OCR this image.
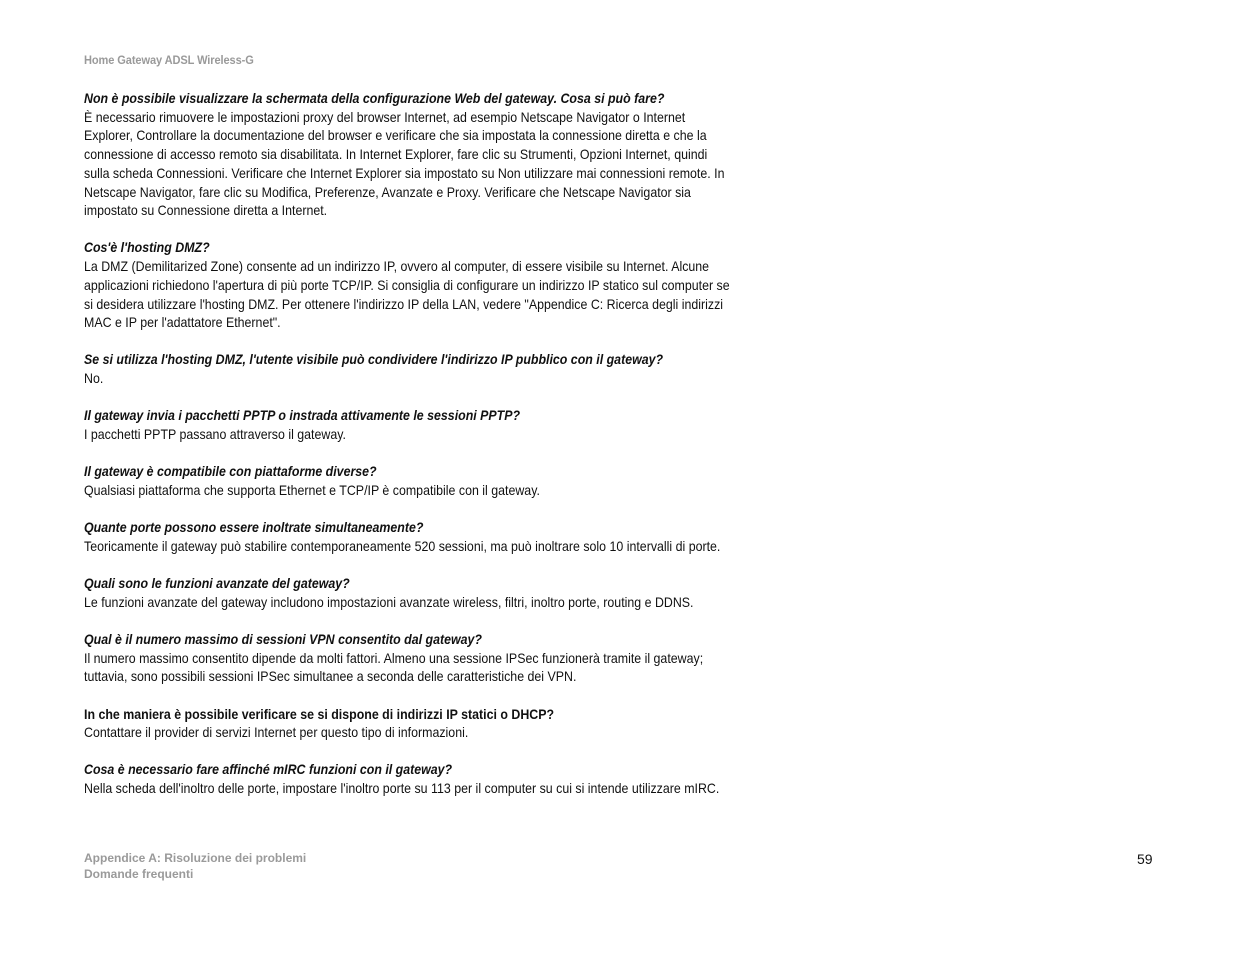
Home Gateway ADSL Wireless-G

Non è possibile visualizzare la schermata della configurazione Web del gateway. Cosa si può fare?

È necessario rimuovere le impostazioni proxy del browser Internet, ad esempio Netscape Navigator o Internet Explorer, Controllare la documentazione del browser e verificare che sia impostata la connessione diretta e che la connessione di accesso remoto sia disabilitata. In Internet Explorer, fare clic su Strumenti, Opzioni Internet, quindi sulla scheda Connessioni. Verificare che Internet Explorer sia impostato su Non utilizzare mai connessioni remote. In Netscape Navigator, fare clic su Modifica, Preferenze, Avanzate e Proxy. Verificare che Netscape Navigator sia impostato su Connessione diretta a Internet.

Cos'è l'hosting DMZ?

La DMZ (Demilitarized Zone) consente ad un indirizzo IP, ovvero al computer, di essere visibile su Internet. Alcune applicazioni richiedono l'apertura di più porte TCP/IP. Si consiglia di configurare un indirizzo IP statico sul computer se si desidera utilizzare l'hosting DMZ. Per ottenere l'indirizzo IP della LAN, vedere "Appendice C: Ricerca degli indirizzi MAC e IP per l'adattatore Ethernet".

Se si utilizza l'hosting DMZ, l'utente visibile può condividere l'indirizzo IP pubblico con il gateway?

No.

Il gateway invia i pacchetti PPTP o instrada attivamente le sessioni PPTP?

I pacchetti PPTP passano attraverso il gateway.

Il gateway è compatibile con piattaforme diverse?

Qualsiasi piattaforma che supporta Ethernet e TCP/IP è compatibile con il gateway.

Quante porte possono essere inoltrate simultaneamente?

Teoricamente il gateway può stabilire contemporaneamente 520 sessioni, ma può inoltrare solo 10 intervalli di porte.

Quali sono le funzioni avanzate del gateway?

Le funzioni avanzate del gateway includono impostazioni avanzate wireless, filtri, inoltro porte, routing e DDNS.

Qual è il numero massimo di sessioni VPN consentito dal gateway?

Il numero massimo consentito dipende da molti fattori. Almeno una sessione IPSec funzionerà tramite il gateway; tuttavia, sono possibili sessioni IPSec simultanee a seconda delle caratteristiche dei VPN.

In che maniera è possibile verificare se si dispone di indirizzi IP statici o DHCP?

Contattare il provider di servizi Internet per questo tipo di informazioni.

Cosa è necessario fare affinché mIRC funzioni con il gateway?

Nella scheda dell'inoltro delle porte, impostare l'inoltro porte su 113 per il computer su cui si intende utilizzare mIRC.

Appendice A: Risoluzione dei problemi
Domande frequenti
59
